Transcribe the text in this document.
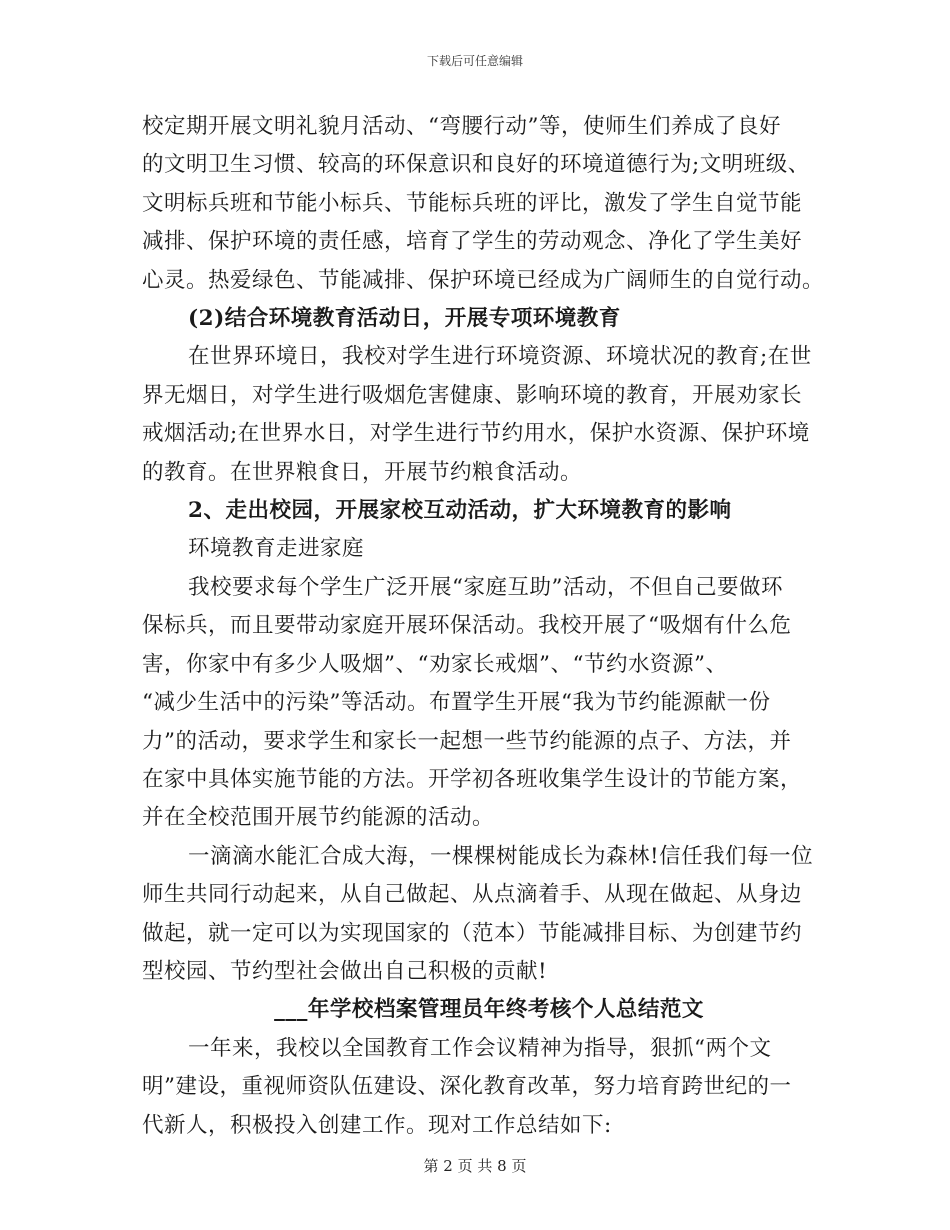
下载后可任意编辑

校定期开展文明礼貌月活动、“弯腰行动”等，使师生们养成了良好
的文明卫生习惯、较高的环保意识和良好的环境道德行为;文明班级、
文明标兵班和节能小标兵、节能标兵班的评比，激发了学生自觉节能
减排、保护环境的责任感，培育了学生的劳动观念、净化了学生美好
心灵。热爱绿色、节能减排、保护环境已经成为广阔师生的自觉行动。

(2)结合环境教育活动日，开展专项环境教育

在世界环境日，我校对学生进行环境资源、环境状况的教育;在世
界无烟日，对学生进行吸烟危害健康、影响环境的教育，开展劝家长
戒烟活动;在世界水日，对学生进行节约用水，保护水资源、保护环境
的教育。在世界粮食日，开展节约粮食活动。

2、走出校园，开展家校互动活动，扩大环境教育的影响

环境教育走进家庭

我校要求每个学生广泛开展“家庭互助”活动，不但自己要做环
保标兵，而且要带动家庭开展环保活动。我校开展了“吸烟有什么危
害，你家中有多少人吸烟”、“劝家长戒烟”、“节约水资源”、
“减少生活中的污染”等活动。布置学生开展“我为节约能源献一份
力”的活动，要求学生和家长一起想一些节约能源的点子、方法，并
在家中具体实施节能的方法。开学初各班收集学生设计的节能方案，
并在全校范围开展节约能源的活动。

一滴滴水能汇合成大海，一棵棵树能成长为森林!信任我们每一位
师生共同行动起来，从自己做起、从点滴着手、从现在做起、从身边
做起，就一定可以为实现国家的（范本）节能减排目标、为创建节约
型校园、节约型社会做出自己积极的贡献!

___年学校档案管理员年终考核个人总结范文

一年来，我校以全国教育工作会议精神为指导，狠抓“两个文
明”建设，重视师资队伍建设、深化教育改革，努力培育跨世纪的一
代新人，积极投入创建工作。现对工作总结如下:

第 2 页 共 8 页
